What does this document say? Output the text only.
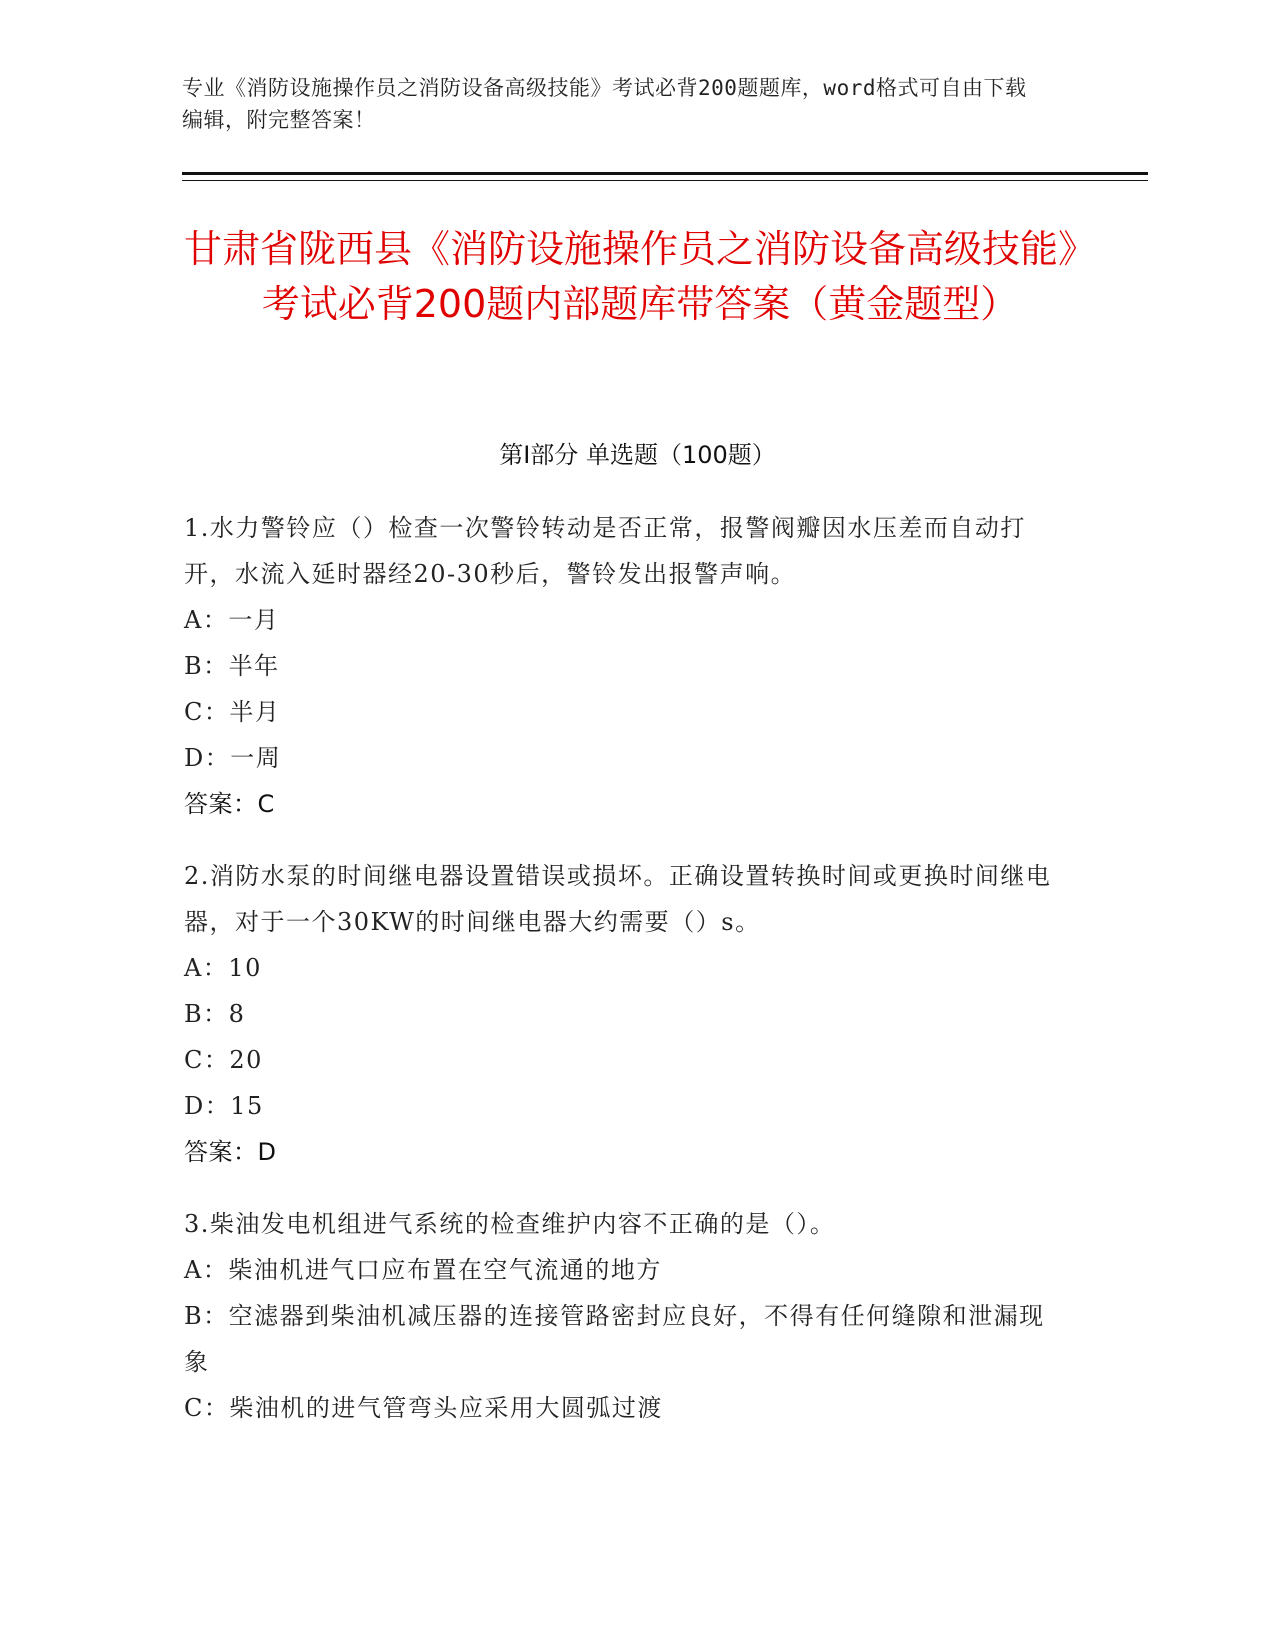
专业《消防设施操作员之消防设备高级技能》考试必背200题题库，word格式可自由下载编辑，附完整答案！
甘肃省陇西县《消防设施操作员之消防设备高级技能》考试必背200题内部题库带答案（黄金题型）
第Ⅰ部分 单选题（100题）
1.水力警铃应（）检查一次警铃转动是否正常，报警阀瓣因水压差而自动打开，水流入延时器经20-30秒后，警铃发出报警声响。
A：一月
B：半年
C：半月
D：一周
答案：C
2.消防水泵的时间继电器设置错误或损坏。正确设置转换时间或更换时间继电器，对于一个30KW的时间继电器大约需要（）s。
A：10
B：8
C：20
D：15
答案：D
3.柴油发电机组进气系统的检查维护内容不正确的是（）。
A：柴油机进气口应布置在空气流通的地方
B：空滤器到柴油机减压器的连接管路密封应良好，不得有任何缝隙和泄漏现象
C：柴油机的进气管弯头应采用大圆弧过渡
